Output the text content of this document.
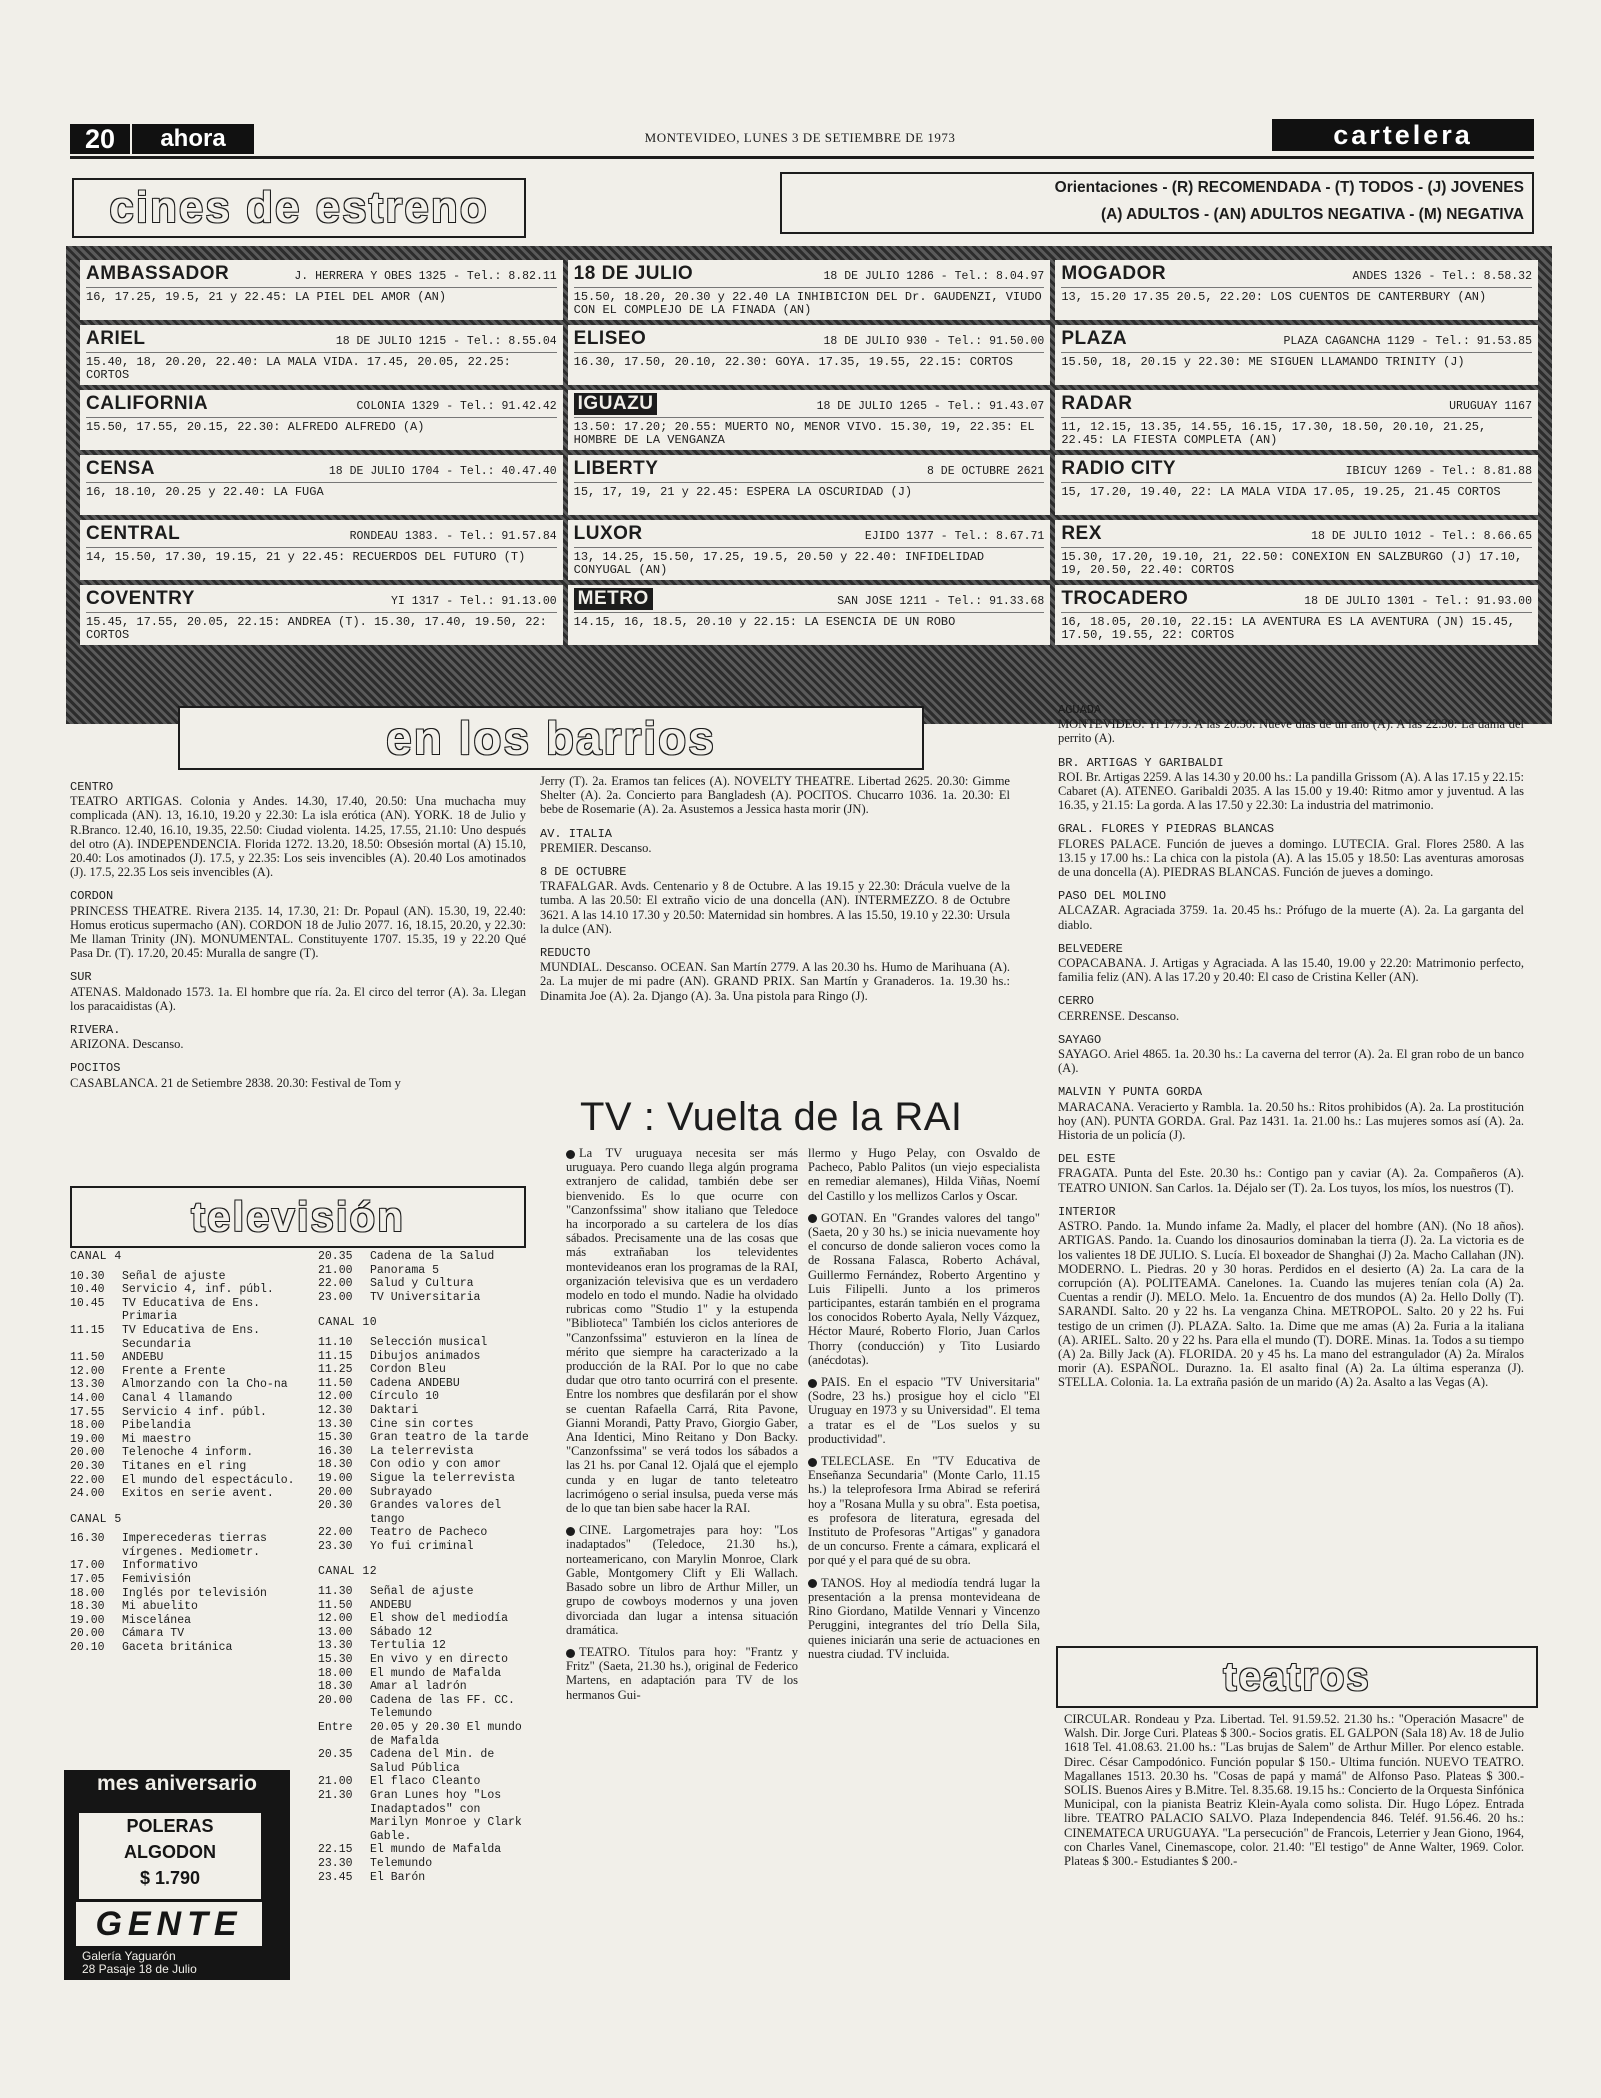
20	ahora	MONTEVIDEO, LUNES 3 DE SETIEMBRE DE 1973	cartelera
cines de estreno	Orientaciones - (R) RECOMENDADA - (T) TODOS - (J) JOVENES
(A) ADULTOS - (AN) ADULTOS NEGATIVA - (M) NEGATIVA
AMBASSADOR	J. HERRERA Y OBES 1325 - Tel.: 8.82.11
16, 17.25, 19.5, 21 y 22.45: LA PIEL DEL AMOR (AN)
18 DE JULIO	18 DE JULIO 1286 - Tel.: 8.04.97
15.50, 18.20, 20.30 y 22.40 LA INHIBICION DEL Dr. GAUDENZI, VIUDO CON EL COMPLEJO DE LA FINADA (AN)
MOGADOR	ANDES 1326 - Tel.: 8.58.32
13, 15.20 17.35 20.5, 22.20: LOS CUENTOS DE CANTERBURY (AN)
ARIEL	18 DE JULIO 1215 - Tel.: 8.55.04
15.40, 18, 20.20, 22.40: LA MALA VIDA. 17.45, 20.05, 22.25: CORTOS
ELISEO	18 DE JULIO 930 - Tel.: 91.50.00
16.30, 17.50, 20.10, 22.30: GOYA. 17.35, 19.55, 22.15: CORTOS
PLAZA	PLAZA CAGANCHA 1129 - Tel.: 91.53.85
15.50, 18, 20.15 y 22.30: ME SIGUEN LLAMANDO TRINITY (J)
CALIFORNIA	COLONIA 1329 - Tel.: 91.42.42
15.50, 17.55, 20.15, 22.30: ALFREDO ALFREDO (A)
IGUAZU	18 DE JULIO 1265 - Tel.: 91.43.07
13.50: 17.20; 20.55: MUERTO NO, MENOR VIVO. 15.30, 19, 22.35: EL HOMBRE DE LA VENGANZA
RADAR	URUGUAY 1167
11, 12.15, 13.35, 14.55, 16.15, 17.30, 18.50, 20.10, 21.25, 22.45: LA FIESTA COMPLETA (AN)
CENSA	18 DE JULIO 1704 - Tel.: 40.47.40
16, 18.10, 20.25 y 22.40: LA FUGA
LIBERTY	8 DE OCTUBRE 2621
15, 17, 19, 21 y 22.45: ESPERA LA OSCURIDAD (J)
RADIO CITY	IBICUY 1269 - Tel.: 8.81.88
15, 17.20, 19.40, 22: LA MALA VIDA 17.05, 19.25, 21.45 CORTOS
CENTRAL	RONDEAU 1383. - Tel.: 91.57.84
14, 15.50, 17.30, 19.15, 21 y 22.45: RECUERDOS DEL FUTURO (T)
LUXOR	EJIDO 1377 - Tel.: 8.67.71
13, 14.25, 15.50, 17.25, 19.5, 20.50 y 22.40: INFIDELIDAD CONYUGAL (AN)
REX	18 DE JULIO 1012 - Tel.: 8.66.65
15.30, 17.20, 19.10, 21, 22.50: CONEXION EN SALZBURGO (J) 17.10, 19, 20.50, 22.40: CORTOS
COVENTRY	YI 1317 - Tel.: 91.13.00
15.45, 17.55, 20.05, 22.15: ANDREA (T). 15.30, 17.40, 19.50, 22: CORTOS
METRO	SAN JOSE 1211 - Tel.: 91.33.68
14.15, 16, 18.5, 20.10 y 22.15: LA ESENCIA DE UN ROBO
TROCADERO	18 DE JULIO 1301 - Tel.: 91.93.00
16, 18.05, 20.10, 22.15: LA AVENTURA ES LA AVENTURA (JN) 15.45, 17.50, 19.55, 22: CORTOS
en los barrios
CENTRO
TEATRO ARTIGAS. Colonia y Andes. 14.30, 17.40, 20.50: Una muchacha muy complicada (AN). 13, 16.10, 19.20 y 22.30: La isla erótica (AN). YORK. 18 de Julio y R.Branco. 12.40, 16.10, 19.35, 22.50: Ciudad violenta. 14.25, 17.55, 21.10: Uno después del otro (A). INDEPENDENCIA. Florida 1272. 13.20, 18.50: Obsesión mortal (A) 15.10, 20.40: Los amotinados (J). 17.5, y 22.35: Los seis invencibles (A). 20.40 Los amotinados (J). 17.5, 22.35 Los seis invencibles (A).
CORDON
PRINCESS THEATRE. Rivera 2135. 14, 17.30, 21: Dr. Popaul (AN). 15.30, 19, 22.40: Homus eroticus supermacho (AN). CORDON 18 de Julio 2077. 16, 18.15, 20.20, y 22.30: Me llaman Trinity (JN). MONUMENTAL. Constituyente 1707. 15.35, 19 y 22.20 Qué Pasa Dr. (T). 17.20, 20.45: Muralla de sangre (T).
SUR
ATENAS. Maldonado 1573. 1a. El hombre que ría. 2a. El circo del terror (A). 3a. Llegan los paracaidistas (A).
RIVERA.
ARIZONA. Descanso.
POCITOS
CASABLANCA. 21 de Setiembre 2838. 20.30: Festival de Tom y
Jerry (T). 2a. Eramos tan felices (A). NOVELTY THEATRE. Libertad 2625. 20.30: Gimme Shelter (A). 2a. Concierto para Bangladesh (A). POCITOS. Chucarro 1036. 1a. 20.30: El bebe de Rosemarie (A). 2a. Asustemos a Jessica hasta morir (JN).
AV. ITALIA
PREMIER. Descanso.
8 DE OCTUBRE
TRAFALGAR. Avds. Centenario y 8 de Octubre. A las 19.15 y 22.30: Drácula vuelve de la tumba. A las 20.50: El extraño vicio de una doncella (AN). INTERMEZZO. 8 de Octubre 3621. A las 14.10 17.30 y 20.50: Maternidad sin hombres. A las 15.50, 19.10 y 22.30: Ursula la dulce (AN).
REDUCTO
MUNDIAL. Descanso. OCEAN. San Martín 2779. A las 20.30 hs. Humo de Marihuana (A). 2a. La mujer de mi padre (AN). GRAND PRIX. San Martín y Granaderos. 1a. 19.30 hs.: Dinamita Joe (A). 2a. Django (A). 3a. Una pistola para Ringo (J).
AGUADA
MONTEVIDEO. Yi 1775. A las 20.50: Nueve días de un año (A). A las 22.30: La dama del perrito (A).
BR. ARTIGAS Y GARIBALDI
ROI. Br. Artigas 2259. A las 14.30 y 20.00 hs.: La pandilla Grissom (A). A las 17.15 y 22.15: Cabaret (A). ATENEO. Garibaldi 2035. A las 15.00 y 19.40: Ritmo amor y juventud. A las 16.35, y 21.15: La gorda. A las 17.50 y 22.30: La industria del matrimonio.
GRAL. FLORES Y PIEDRAS BLANCAS
FLORES PALACE. Función de jueves a domingo. LUTECIA. Gral. Flores 2580. A las 13.15 y 17.00 hs.: La chica con la pistola (A). A las 15.05 y 18.50: Las aventuras amorosas de una doncella (A). PIEDRAS BLANCAS. Función de jueves a domingo.
PASO DEL MOLINO
ALCAZAR. Agraciada 3759. 1a. 20.45 hs.: Prófugo de la muerte (A). 2a. La garganta del diablo.
BELVEDERE
COPACABANA. J. Artigas y Agraciada. A las 15.40, 19.00 y 22.20: Matrimonio perfecto, familia feliz (AN). A las 17.20 y 20.40: El caso de Cristina Keller (AN).
CERRO
CERRENSE. Descanso.
SAYAGO
SAYAGO. Ariel 4865. 1a. 20.30 hs.: La caverna del terror (A). 2a. El gran robo de un banco (A).
MALVIN Y PUNTA GORDA
MARACANA. Veracierto y Rambla. 1a. 20.50 hs.: Ritos prohibidos (A). 2a. La prostitución hoy (AN). PUNTA GORDA. Gral. Paz 1431. 1a. 21.00 hs.: Las mujeres somos así (A). 2a. Historia de un policía (J).
DEL ESTE
FRAGATA. Punta del Este. 20.30 hs.: Contigo pan y caviar (A). 2a. Compañeros (A). TEATRO UNION. San Carlos. 1a. Déjalo ser (T). 2a. Los tuyos, los míos, los nuestros (T).
INTERIOR
ASTRO. Pando. 1a. Mundo infame 2a. Madly, el placer del hombre (AN). (No 18 años). ARTIGAS. Pando. 1a. Cuando los dinosaurios dominaban la tierra (J). 2a. La victoria es de los valientes 18 DE JULIO. S. Lucía. El boxeador de Shanghai (J) 2a. Macho Callahan (JN). MODERNO. L. Piedras. 20 y 30 horas. Perdidos en el desierto (A) 2a. La cara de la corrupción (A). POLITEAMA. Canelones. 1a. Cuando las mujeres tenían cola (A) 2a. Cuentas a rendir (J). MELO. Melo. 1a. Encuentro de dos mundos (A) 2a. Hello Dolly (T). SARANDI. Salto. 20 y 22 hs. La venganza China. METROPOL. Salto. 20 y 22 hs. Fui testigo de un crimen (J). PLAZA. Salto. 1a. Dime que me amas (A) 2a. Furia a la italiana (A). ARIEL. Salto. 20 y 22 hs. Para ella el mundo (T). DORE. Minas. 1a. Todos a su tiempo (A) 2a. Billy Jack (A). FLORIDA. 20 y 45 hs. La mano del estrangulador (A) 2a. Míralos morir (A). ESPAÑOL. Durazno. 1a. El asalto final (A) 2a. La última esperanza (J). STELLA. Colonia. 1a. La extraña pasión de un marido (A) 2a. Asalto a las Vegas (A).
televisión
CANAL 4
10.30	Señal de ajuste
10.40	Servicio 4, inf. públ.
10.45	TV Educativa de Ens. Primaria
11.15	TV Educativa de Ens. Secundaria
11.50	ANDEBU
12.00	Frente a Frente
13.30	Almorzando con la Cho-na
14.00	Canal 4 llamando
17.55	Servicio 4 inf. públ.
18.00	Pibelandia
19.00	Mi maestro
20.00	Telenoche 4 inform.
20.30	Titanes en el ring
22.00	El mundo del espectáculo.
24.00	Exitos en serie avent.
CANAL 5
16.30	Imperecederas tierras vírgenes. Mediometr.
17.00	Informativo
17.05	Femivisión
18.00	Inglés por televisión
18.30	Mi abuelito
19.00	Miscelánea
20.00	Cámara TV
20.10	Gaceta británica
20.35	Cadena de la Salud
21.00	Panorama 5
22.00	Salud y Cultura
23.00	TV Universitaria
CANAL 10
11.10	Selección musical
11.15	Dibujos animados
11.25	Cordon Bleu
11.50	Cadena ANDEBU
12.00	Círculo 10
12.30	Daktari
13.30	Cine sin cortes
15.30	Gran teatro de la tarde
16.30	La telerrevista
18.30	Con odio y con amor
19.00	Sigue la telerrevista
20.00	Subrayado
20.30	Grandes valores del tango
22.00	Teatro de Pacheco
23.30	Yo fui criminal
CANAL 12
11.30	Señal de ajuste
11.50	ANDEBU
12.00	El show del mediodía
13.00	Sábado 12
13.30	Tertulia 12
15.30	En vivo y en directo
18.00	El mundo de Mafalda
18.30	Amar al ladrón
20.00	Cadena de las FF. CC. Telemundo
Entre	20.05 y 20.30 El mundo de Mafalda
20.35	Cadena del Min. de Salud Pública
21.00	El flaco Cleanto
21.30	Gran Lunes hoy "Los Inadaptados" con Marilyn Monroe y Clark Gable.
22.15	El mundo de Mafalda
23.30	Telemundo
23.45	El Barón
TV : Vuelta de la RAI
La TV uruguaya necesita ser más uruguaya. Pero cuando llega algún programa extranjero de calidad, también debe ser bienvenido. Es lo que ocurre con "Canzonfssima" show italiano que Teledoce ha incorporado a su cartelera de los días sábados. Precisamente una de las cosas que más extrañaban los televidentes montevideanos eran los programas de la RAI, organización televisiva que es un verdadero modelo en todo el mundo. Nadie ha olvidado rubricas como "Studio 1" y la estupenda "Biblioteca" También los ciclos anteriores de "Canzonfssima" estuvieron en la línea de mérito que siempre ha caracterizado a la producción de la RAI. Por lo que no cabe dudar que otro tanto ocurrirá con el presente. Entre los nombres que desfilarán por el show se cuentan Rafaella Carrá, Rita Pavone, Gianni Morandi, Patty Pravo, Giorgio Gaber, Ana Identici, Mino Reitano y Don Backy. "Canzonfssima" se verá todos los sábados a las 21 hs. por Canal 12. Ojalá que el ejemplo cunda y en lugar de tanto teleteatro lacrimógeno o serial insulsa, pueda verse más de lo que tan bien sabe hacer la RAI.
CINE. Largometrajes para hoy: "Los inadaptados" (Teledoce, 21.30 hs.), norteamericano, con Marylin Monroe, Clark Gable, Montgomery Clift y Eli Wallach. Basado sobre un libro de Arthur Miller, un grupo de cowboys modernos y una joven divorciada dan lugar a intensa situación dramática.
TEATRO. Títulos para hoy: "Frantz y Fritz" (Saeta, 21.30 hs.), original de Federico Martens, en adaptación para TV de los hermanos Gui-
llermo y Hugo Pelay, con Osvaldo de Pacheco, Pablo Palitos (un viejo especialista en remediar alemanes), Hilda Viñas, Noemí del Castillo y los mellizos Carlos y Oscar.
GOTAN. En "Grandes valores del tango" (Saeta, 20 y 30 hs.) se inicia nuevamente hoy el concurso de donde salieron voces como la de Rossana Falasca, Roberto Achával, Guillermo Fernández, Roberto Argentino y Luis Filipelli. Junto a los primeros participantes, estarán también en el programa los conocidos Roberto Ayala, Nelly Vázquez, Héctor Mauré, Roberto Florio, Juan Carlos Thorry (conducción) y Tito Lusiardo (anécdotas).
PAIS. En el espacio "TV Universitaria" (Sodre, 23 hs.) prosigue hoy el ciclo "El Uruguay en 1973 y su Universidad". El tema a tratar es el de "Los suelos y su productividad".
TELECLASE. En "TV Educativa de Enseñanza Secundaria" (Monte Carlo, 11.15 hs.) la teleprofesora Irma Abirad se referirá hoy a "Rosana Mulla y su obra". Esta poetisa, es profesora de literatura, egresada del Instituto de Profesoras "Artigas" y ganadora de un concurso. Frente a cámara, explicará el por qué y el para qué de su obra.
TANOS. Hoy al mediodía tendrá lugar la presentación a la prensa montevideana de Rino Giordano, Matilde Vennari y Vincenzo Peruggini, integrantes del trío Della Sila, quienes iniciarán una serie de actuaciones en nuestra ciudad. TV incluida.
teatros
CIRCULAR. Rondeau y Pza. Libertad. Tel. 91.59.52. 21.30 hs.: "Operación Masacre" de Walsh. Dir. Jorge Curi. Plateas $ 300.- Socios gratis. EL GALPON (Sala 18) Av. 18 de Julio 1618 Tel. 41.08.63. 21.00 hs.: "Las brujas de Salem" de Arthur Miller. Por elenco estable. Direc. César Campodónico. Función popular $ 150.- Ultima función. NUEVO TEATRO. Magallanes 1513. 20.30 hs. "Cosas de papá y mamá" de Alfonso Paso. Plateas $ 300.- SOLIS. Buenos Aires y B.Mitre. Tel. 8.35.68. 19.15 hs.: Concierto de la Orquesta Sinfónica Municipal, con la pianista Beatriz Klein-Ayala como solista. Dir. Hugo López. Entrada libre. TEATRO PALACIO SALVO. Plaza Independencia 846. Teléf. 91.56.46. 20 hs.: CINEMATECA URUGUAYA. "La persecución" de Francois, Leterrier y Jean Giono, 1964, con Charles Vanel, Cinemascope, color. 21.40: "El testigo" de Anne Walter, 1969. Color. Plateas $ 300.- Estudiantes $ 200.-
mes aniversario
POLERAS
ALGODON
$ 1.790
GENTE
Galería Yaguarón
28 Pasaje 18 de Julio
